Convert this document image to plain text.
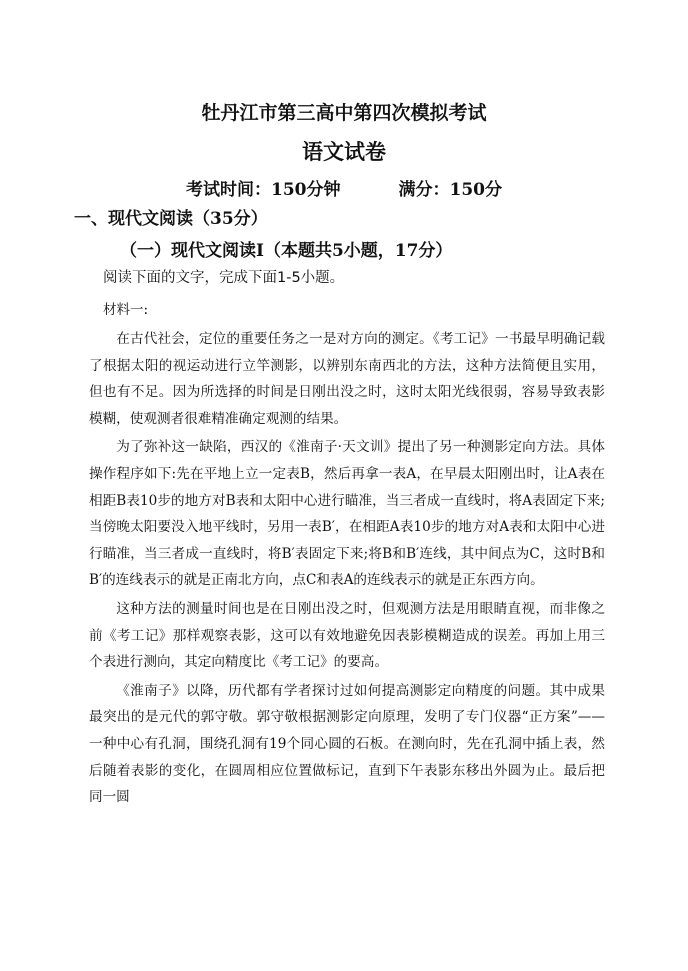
牡丹江市第三高中第四次模拟考试
语文试卷
考试时间：150分钟	满分：150分
一、现代文阅读（35分）
（一）现代文阅读Ⅰ（本题共5小题，17分）
阅读下面的文字，完成下面1-5小题。
材料一:

在古代社会，定位的重要任务之一是对方向的测定。《考工记》一书最早明确记载了根据太阳的视运动进行立竿测影，以辨别东南西北的方法，这种方法简便且实用，但也有不足。因为所选择的时间是日刚出没之时，这时太阳光线很弱，容易导致表影模糊，使观测者很难精准确定观测的结果。

为了弥补这一缺陷，西汉的《淮南子·天文训》提出了另一种测影定向方法。具体操作程序如下:先在平地上立一定表B，然后再拿一表A，在早晨太阳刚出时，让A表在相距B表10步的地方对B表和太阳中心进行瞄准，当三者成一直线时，将A表固定下来;当傍晚太阳要没入地平线时，另用一表B′，在相距A表10步的地方对A表和太阳中心进行瞄准，当三者成一直线时，将B′表固定下来;将B和B′连线，其中间点为C，这时B和B′的连线表示的就是正南北方向，点C和表A的连线表示的就是正东西方向。

这种方法的测量时间也是在日刚出没之时，但观测方法是用眼睛直视，而非像之前《考工记》那样观察表影，这可以有效地避免因表影模糊造成的误差。再加上用三个表进行测向，其定向精度比《考工记》的要高。

《淮南子》以降，历代都有学者探讨过如何提高测影定向精度的问题。其中成果最突出的是元代的郭守敬。郭守敬根据测影定向原理，发明了专门仪器“正方案”——一种中心有孔洞，围绕孔洞有19个同心圆的石板。在测向时，先在孔洞中插上表，然后随着表影的变化，在圆周相应位置做标记，直到下午表影东移出外圆为止。最后把同一圆
